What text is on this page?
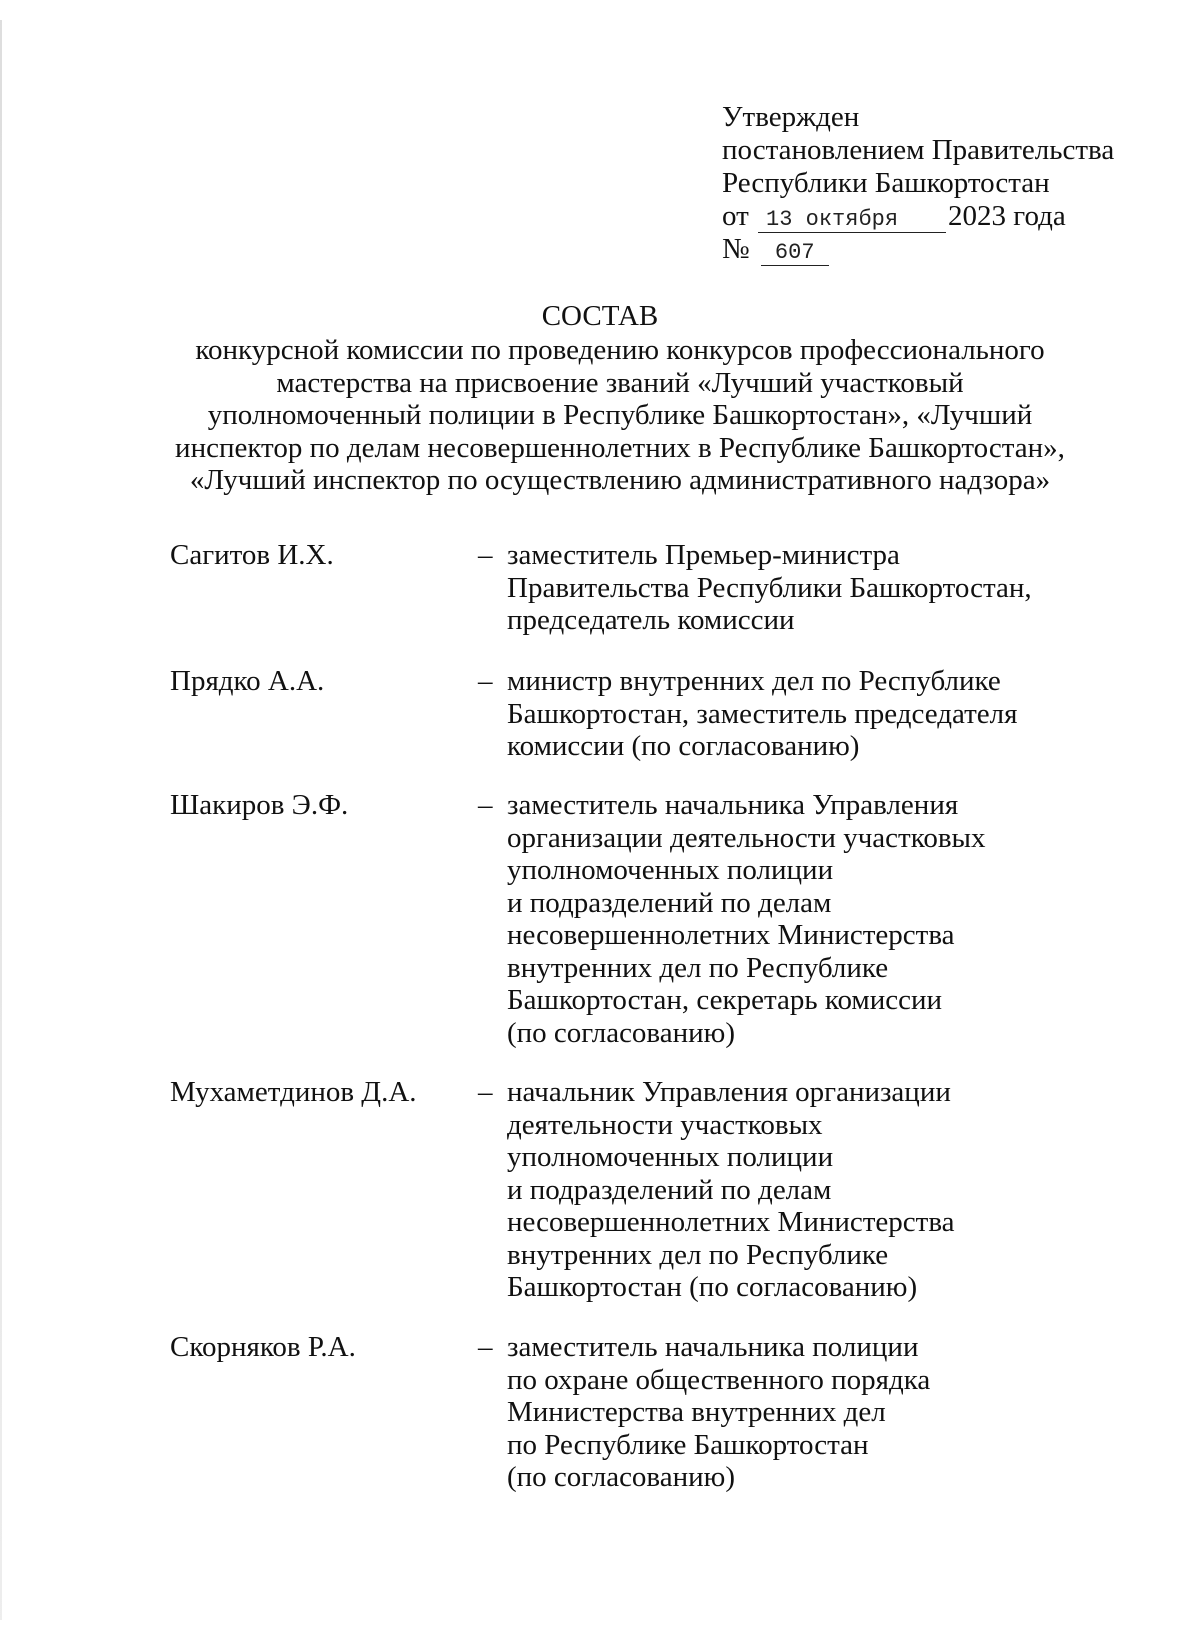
Утвержден
постановлением Правительства
Республики Башкортостан
от 13 октября 2023 года
№ 607
СОСТАВ
конкурсной комиссии по проведению конкурсов профессионального
мастерства на присвоение званий «Лучший участковый
уполномоченный полиции в Республике Башкортостан», «Лучший
инспектор по делам несовершеннолетних в Республике Башкортостан»,
«Лучший инспектор по осуществлению административного надзора»
Сагитов И.Х.	– заместитель Премьер-министра
Правительства Республики Башкортостан,
председатель комиссии
Прядко А.А.	– министр внутренних дел по Республике
Башкортостан, заместитель председателя
комиссии (по согласованию)
Шакиров Э.Ф.	– заместитель начальника Управления
организации деятельности участковых
уполномоченных полиции
и подразделений по делам
несовершеннолетних Министерства
внутренних дел по Республике
Башкортостан, секретарь комиссии
(по согласованию)
Мухаметдинов Д.А. – начальник Управления организации
деятельности участковых
уполномоченных полиции
и подразделений по делам
несовершеннолетних Министерства
внутренних дел по Республике
Башкортостан (по согласованию)
Скорняков Р.А.	– заместитель начальника полиции
по охране общественного порядка
Министерства внутренних дел
по Республике Башкортостан
(по согласованию)
